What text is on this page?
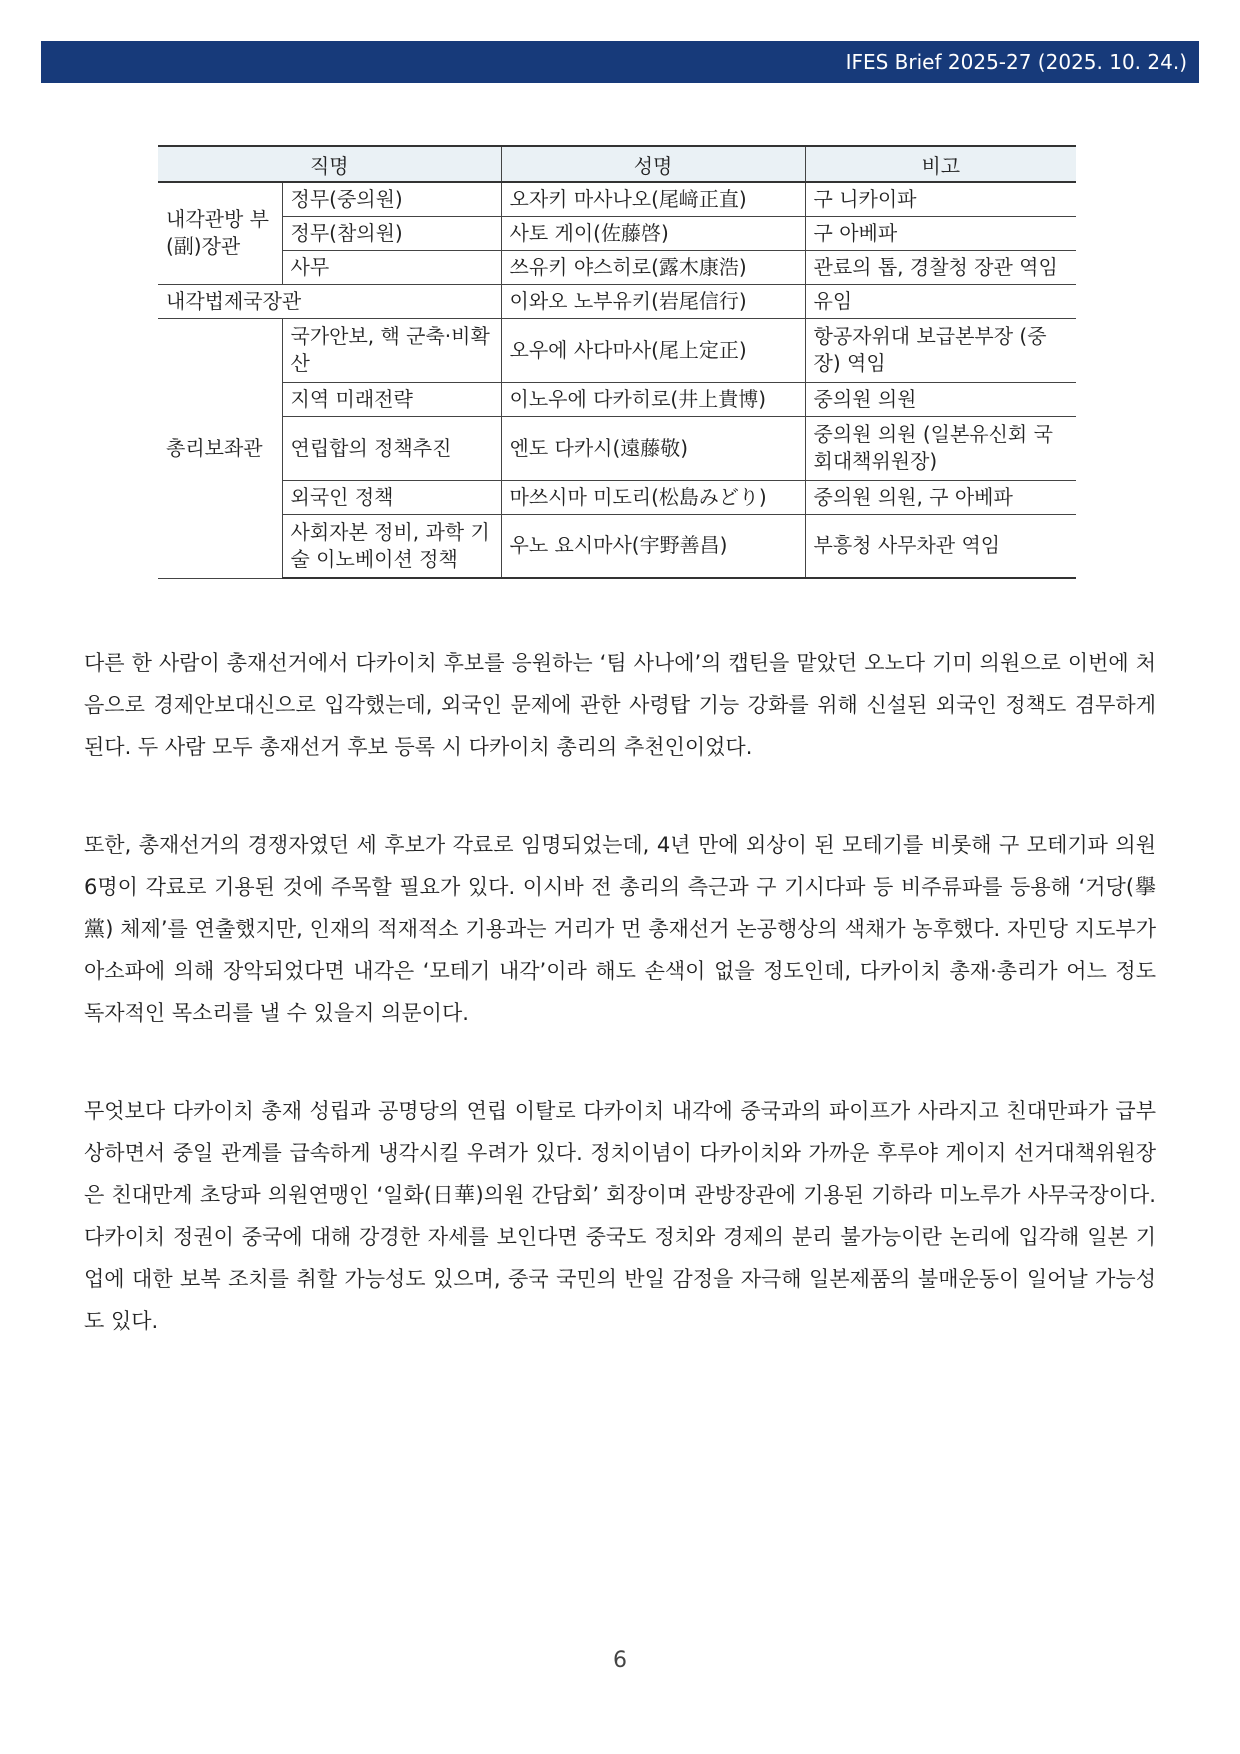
IFES Brief 2025-27 (2025. 10. 24.)
직명		성명	비고
내각관방 부(副)장관	정무(중의원)	오자키 마사나오(尾﨑正直)	구 니카이파
	정무(참의원)	사토 게이(佐藤啓)	구 아베파
	사무	쓰유키 야스히로(露木康浩)	관료의 톱, 경찰청 장관 역임
내각법제국장관		이와오 노부유키(岩尾信行)	유임
총리보좌관	국가안보, 핵 군축·비확산	오우에 사다마사(尾上定正)	항공자위대 보급본부장 (중장) 역임
	지역 미래전략	이노우에 다카히로(井上貴博)	중의원 의원
	연립합의 정책추진	엔도 다카시(遠藤敬)	중의원 의원 (일본유신회 국회대책위원장)
	외국인 정책	마쓰시마 미도리(松島みどり)	중의원 의원, 구 아베파
	사회자본 정비, 과학 기술 이노베이션 정책	우노 요시마사(宇野善昌)	부흥청 사무차관 역임

다른 한 사람이 총재선거에서 다카이치 후보를 응원하는 ‘팀 사나에’의 캡틴을 맡았던 오노다 기미 의원으로 이번에 처음으로 경제안보대신으로 입각했는데, 외국인 문제에 관한 사령탑 기능 강화를 위해 신설된 외국인 정책도 겸무하게 된다. 두 사람 모두 총재선거 후보 등록 시 다카이치 총리의 추천인이었다.

또한, 총재선거의 경쟁자였던 세 후보가 각료로 임명되었는데, 4년 만에 외상이 된 모테기를 비롯해 구 모테기파 의원 6명이 각료로 기용된 것에 주목할 필요가 있다. 이시바 전 총리의 측근과 구 기시다파 등 비주류파를 등용해 ‘거당(擧黨) 체제’를 연출했지만, 인재의 적재적소 기용과는 거리가 먼 총재선거 논공행상의 색채가 농후했다. 자민당 지도부가 아소파에 의해 장악되었다면 내각은 ‘모테기 내각’이라 해도 손색이 없을 정도인데, 다카이치 총재·총리가 어느 정도 독자적인 목소리를 낼 수 있을지 의문이다.

무엇보다 다카이치 총재 성립과 공명당의 연립 이탈로 다카이치 내각에 중국과의 파이프가 사라지고 친대만파가 급부상하면서 중일 관계를 급속하게 냉각시킬 우려가 있다. 정치이념이 다카이치와 가까운 후루야 게이지 선거대책위원장은 친대만계 초당파 의원연맹인 ‘일화(日華)의원 간담회’ 회장이며 관방장관에 기용된 기하라 미노루가 사무국장이다. 다카이치 정권이 중국에 대해 강경한 자세를 보인다면 중국도 정치와 경제의 분리 불가능이란 논리에 입각해 일본 기업에 대한 보복 조치를 취할 가능성도 있으며, 중국 국민의 반일 감정을 자극해 일본제품의 불매운동이 일어날 가능성도 있다.

6
